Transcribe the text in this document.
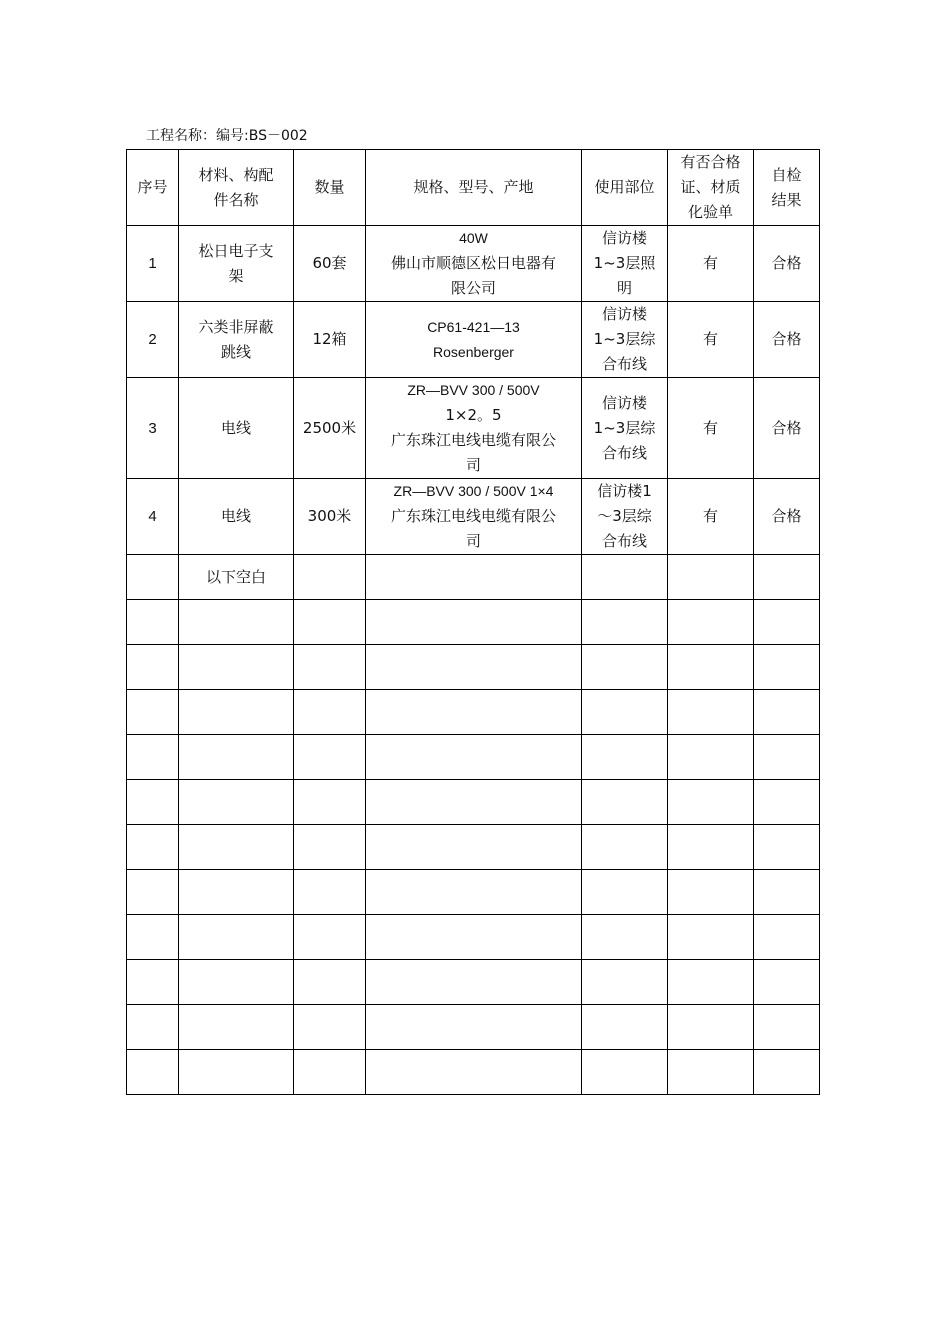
工程名称：编号:BS－002
序号	材料、构配
件名称	数量	规格、型号、产地	使用部位	有否合格
证、材质
化验单	自检
结果

1	松日电子支
架	60套	40W
佛山市顺德区松日电器有
限公司	信访楼
1~3层照
明	有	合格
2	六类非屏蔽
跳线	12箱	CP61-421—13
Rosenberger	信访楼
1~3层综
合布线	有	合格
3	电线	2500米	ZR—BVV 300 / 500V
1×2。5
广东珠江电线电缆有限公
司	信访楼
1~3层综
合布线	有	合格
4	电线	300米	ZR—BVV 300 / 500V 1×4
广东珠江电线电缆有限公
司	信访楼1
～3层综
合布线	有	合格
	以下空白					
